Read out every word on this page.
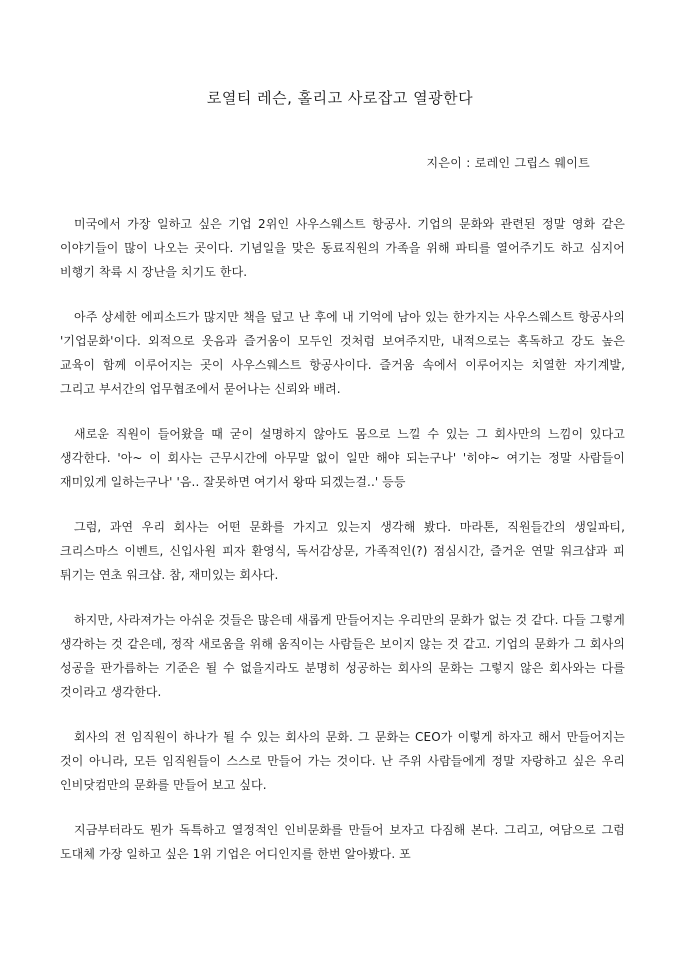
로열티 레슨, 홀리고 사로잡고 열광한다

지은이 : 로레인 그립스 웨이트

미국에서 가장 일하고 싶은 기업 2위인 사우스웨스트 항공사. 기업의 문화와 관련된 정말 영화 같은 이야기들이 많이 나오는 곳이다. 기념일을 맞은 동료직원의 가족을 위해 파티를 열어주기도 하고 심지어 비행기 착륙 시 장난을 치기도 한다.

아주 상세한 에피소드가 많지만 책을 덮고 난 후에 내 기억에 남아 있는 한가지는 사우스웨스트 항공사의 '기업문화'이다. 외적으로 웃음과 즐거움이 모두인 것처럼 보여주지만, 내적으로는 혹독하고 강도 높은 교육이 함께 이루어지는 곳이 사우스웨스트 항공사이다. 즐거움 속에서 이루어지는 치열한 자기계발, 그리고 부서간의 업무협조에서 묻어나는 신뢰와 배려.

새로운 직원이 들어왔을 때 굳이 설명하지 않아도 몸으로 느낄 수 있는 그 회사만의 느낌이 있다고 생각한다. '아~ 이 회사는 근무시간에 아무말 없이 일만 해야 되는구나' '히야~ 여기는 정말 사람들이 재미있게 일하는구나' '음.. 잘못하면 여기서 왕따 되겠는걸..' 등등

그럼, 과연 우리 회사는 어떤 문화를 가지고 있는지 생각해 봤다. 마라톤, 직원들간의 생일파티, 크리스마스 이벤트, 신입사원 피자 환영식, 독서감상문, 가족적인(?) 점심시간, 즐거운 연말 워크샵과 피 튀기는 연초 워크샵. 참, 재미있는 회사다.

하지만, 사라져가는 아쉬운 것들은 많은데 새롭게 만들어지는 우리만의 문화가 없는 것 같다. 다들 그렇게 생각하는 것 같은데, 정작 새로움을 위해 움직이는 사람들은 보이지 않는 것 같고. 기업의 문화가 그 회사의 성공을 판가름하는 기준은 될 수 없을지라도 분명히 성공하는 회사의 문화는 그렇지 않은 회사와는 다를 것이라고 생각한다.

회사의 전 임직원이 하나가 될 수 있는 회사의 문화. 그 문화는 CEO가 이렇게 하자고 해서 만들어지는 것이 아니라, 모든 임직원들이 스스로 만들어 가는 것이다. 난 주위 사람들에게 정말 자랑하고 싶은 우리 인비닷컴만의 문화를 만들어 보고 싶다.

지금부터라도 뭔가 독특하고 열정적인 인비문화를 만들어 보자고 다짐해 본다. 그리고, 여담으로 그럼 도대체 가장 일하고 싶은 1위 기업은 어디인지를 한번 알아봤다. 포
